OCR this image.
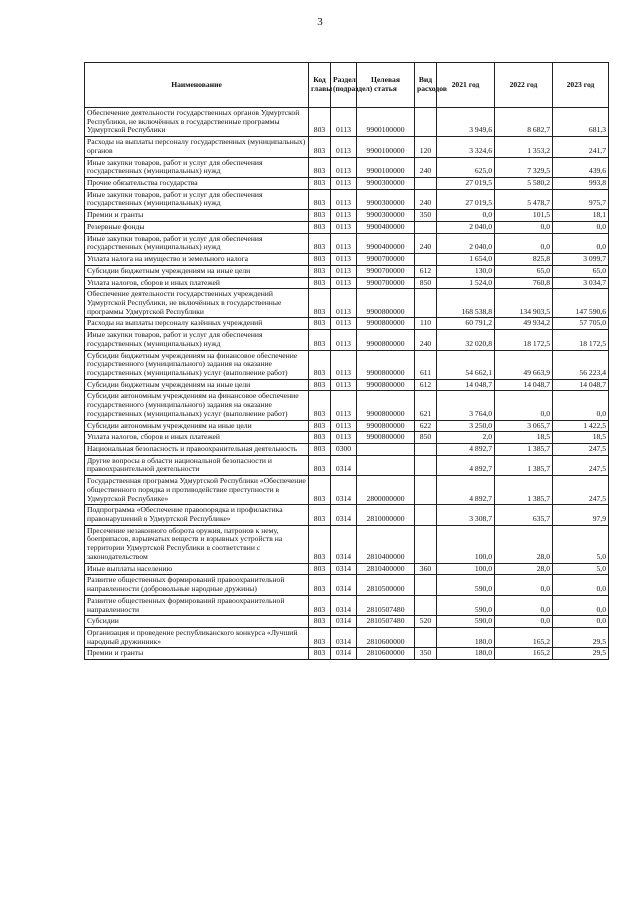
3
Наименование	Код главы	Раздел (подраздел)	Целевая статья	Вид расходов	2021 год	2022 год	2023 год
Обеспечение деятельности государственных органов Удмуртской Республики, не включённых в государственные программы Удмуртской Республики	803	0113	9900100000		3 949,6	8 682,7	681,3
Расходы на выплаты персоналу государственных (муниципальных) органов	803	0113	9900100000	120	3 324,6	1 353,2	241,7
Иные закупки товаров, работ и услуг для обеспечения государственных (муниципальных) нужд	803	0113	9900100000	240	625,0	7 329,5	439,6
Прочие обязательства государства	803	0113	9900300000		27 019,5	5 580,2	993,8
Иные закупки товаров, работ и услуг для обеспечения государственных (муниципальных) нужд	803	0113	9900300000	240	27 019,5	5 478,7	975,7
Премии и гранты	803	0113	9900300000	350	0,0	101,5	18,1
Резервные фонды	803	0113	9900400000		2 040,0	0,0	0,0
Иные закупки товаров, работ и услуг для обеспечения государственных (муниципальных) нужд	803	0113	9900400000	240	2 040,0	0,0	0,0
Уплата налога на имущество и земельного налога	803	0113	9900700000		1 654,0	825,8	3 099,7
Субсидии бюджетным учреждениям на иные цели	803	0113	9900700000	612	130,0	65,0	65,0
Уплата налогов, сборов и иных платежей	803	0113	9900700000	850	1 524,0	760,8	3 034,7
Обеспечение деятельности государственных учреждений Удмуртской Республики, не включённых в государственные программы Удмуртской Республики	803	0113	9900800000		168 538,8	134 903,5	147 590,6
Расходы на выплаты персоналу казённых учреждений	803	0113	9900800000	110	60 791,2	49 934,2	57 705,0
Иные закупки товаров, работ и услуг для обеспечения государственных (муниципальных) нужд	803	0113	9900800000	240	32 020,8	18 172,5	18 172,5
Субсидии бюджетным учреждениям на финансовое обеспечение государственного (муниципального) задания на оказание государственных (муниципальных) услуг (выполнение работ)	803	0113	9900800000	611	54 662,1	49 663,9	56 223,4
Субсидии бюджетным учреждениям на иные цели	803	0113	9900800000	612	14 048,7	14 048,7	14 048,7
Субсидии автономным учреждениям на финансовое обеспечение государственного (муниципального) задания на оказание государственных (муниципальных) услуг (выполнение работ)	803	0113	9900800000	621	3 764,0	0,0	0,0
Субсидии автономным учреждениям на иные цели	803	0113	9900800000	622	3 250,0	3 065,7	1 422,5
Уплата налогов, сборов и иных платежей	803	0113	9900800000	850	2,0	18,5	18,5
Национальная безопасность и правоохранительная деятельность	803	0300			4 892,7	1 385,7	247,5
Другие вопросы в области национальной безопасности и правоохранительной деятельности	803	0314			4 892,7	1 385,7	247,5
Государственная программа Удмуртской Республики «Обеспечение общественного порядка и противодействие преступности в Удмуртской Республике»	803	0314	2800000000		4 892,7	1 385,7	247,5
Подпрограмма «Обеспечение правопорядка и профилактика правонарушений в Удмуртской Республике»	803	0314	2810000000		3 308,7	635,7	97,9
Пресечение незаконного оборота оружия, патронов к нему, боеприпасов, взрывчатых веществ и взрывных устройств на территории Удмуртской Республики в соответствии с законодательством	803	0314	2810400000		100,0	28,0	5,0
Иные выплаты населению	803	0314	2810400000	360	100,0	28,0	5,0
Развитие общественных формирований правоохранительной направленности (добровольные народные дружины)	803	0314	2810500000		590,0	0,0	0,0
Развитие общественных формирований правоохранительной направленности	803	0314	2810507480		590,0	0,0	0,0
Субсидии	803	0314	2810507480	520	590,0	0,0	0,0
Организация и проведение республиканского конкурса «Лучший народный дружинник»	803	0314	2810600000		180,0	165,2	29,5
Премии и гранты	803	0314	2810600000	350	180,0	165,2	29,5
